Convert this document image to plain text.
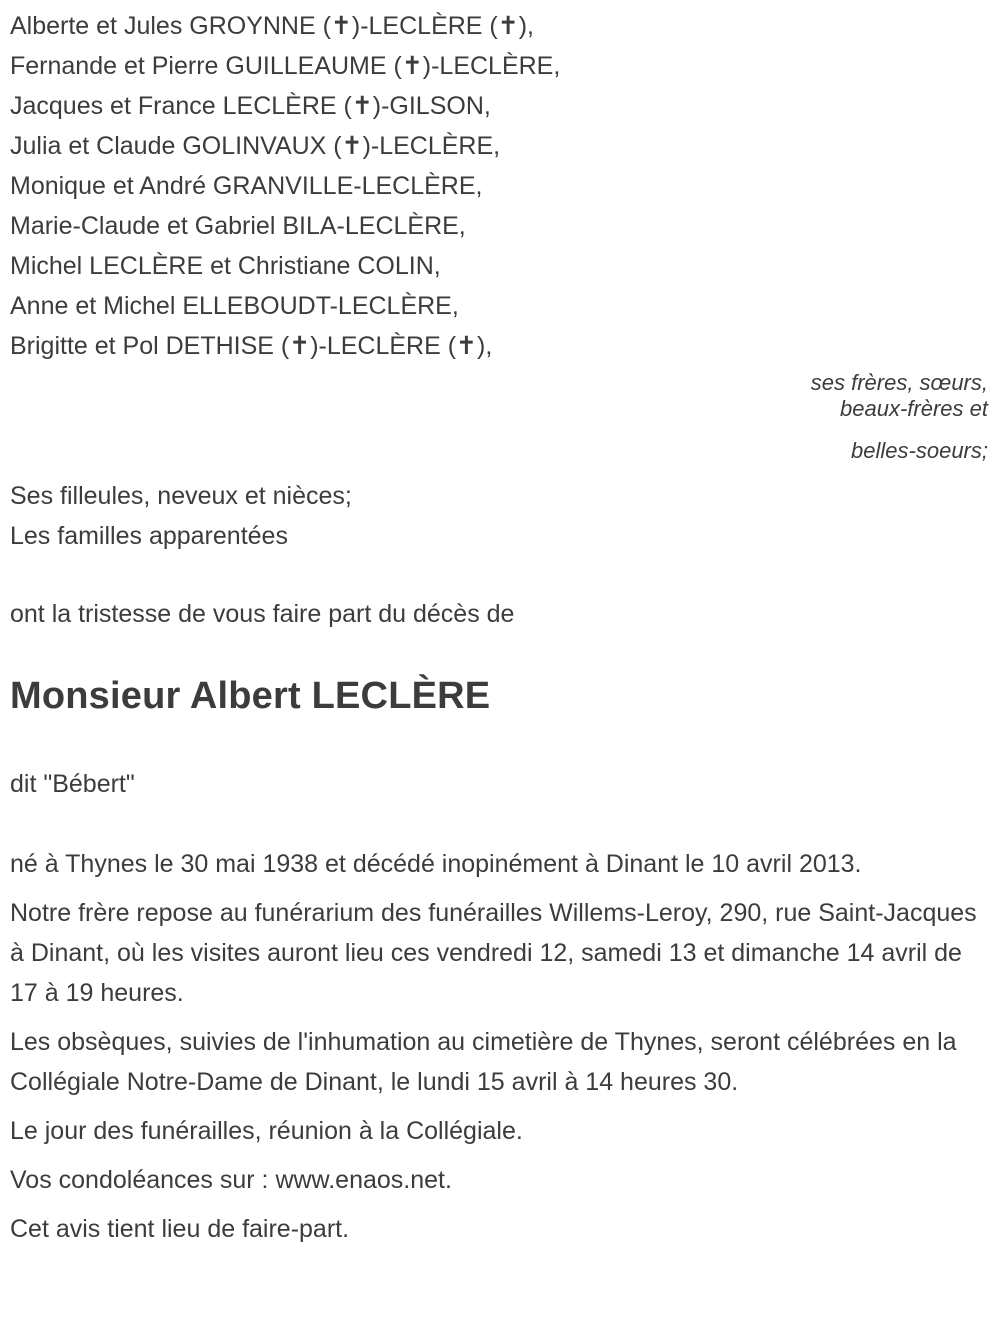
Alberte et Jules GROYNNE (✝)-LECLÈRE (✝),
Fernande et Pierre GUILLEAUME (✝)-LECLÈRE,
Jacques et France LECLÈRE (✝)-GILSON,
Julia et Claude GOLINVAUX (✝)-LECLÈRE,
Monique et André GRANVILLE-LECLÈRE,
Marie-Claude et Gabriel BILA-LECLÈRE,
Michel LECLÈRE et Christiane COLIN,
Anne et Michel ELLEBOUDT-LECLÈRE,
Brigitte et Pol DETHISE (✝)-LECLÈRE (✝),
ses frères, sœurs,
beaux-frères et
belles-soeurs;
Ses filleules, neveux et nièces;
Les familles apparentées

ont la tristesse de vous faire part du décès de

Monsieur Albert LECLÈRE

dit "Bébert"

né à Thynes le 30 mai 1938 et décédé inopinément à Dinant le 10 avril 2013.

Notre frère repose au funérarium des funérailles Willems-Leroy, 290, rue Saint-Jacques à Dinant, où les visites auront lieu ces vendredi 12, samedi 13 et dimanche 14 avril de 17 à 19 heures.

Les obsèques, suivies de l'inhumation au cimetière de Thynes, seront célébrées en la Collégiale Notre-Dame de Dinant, le lundi 15 avril à 14 heures 30.

Le jour des funérailles, réunion à la Collégiale.

Vos condoléances sur : www.enaos.net.

Cet avis tient lieu de faire-part.
